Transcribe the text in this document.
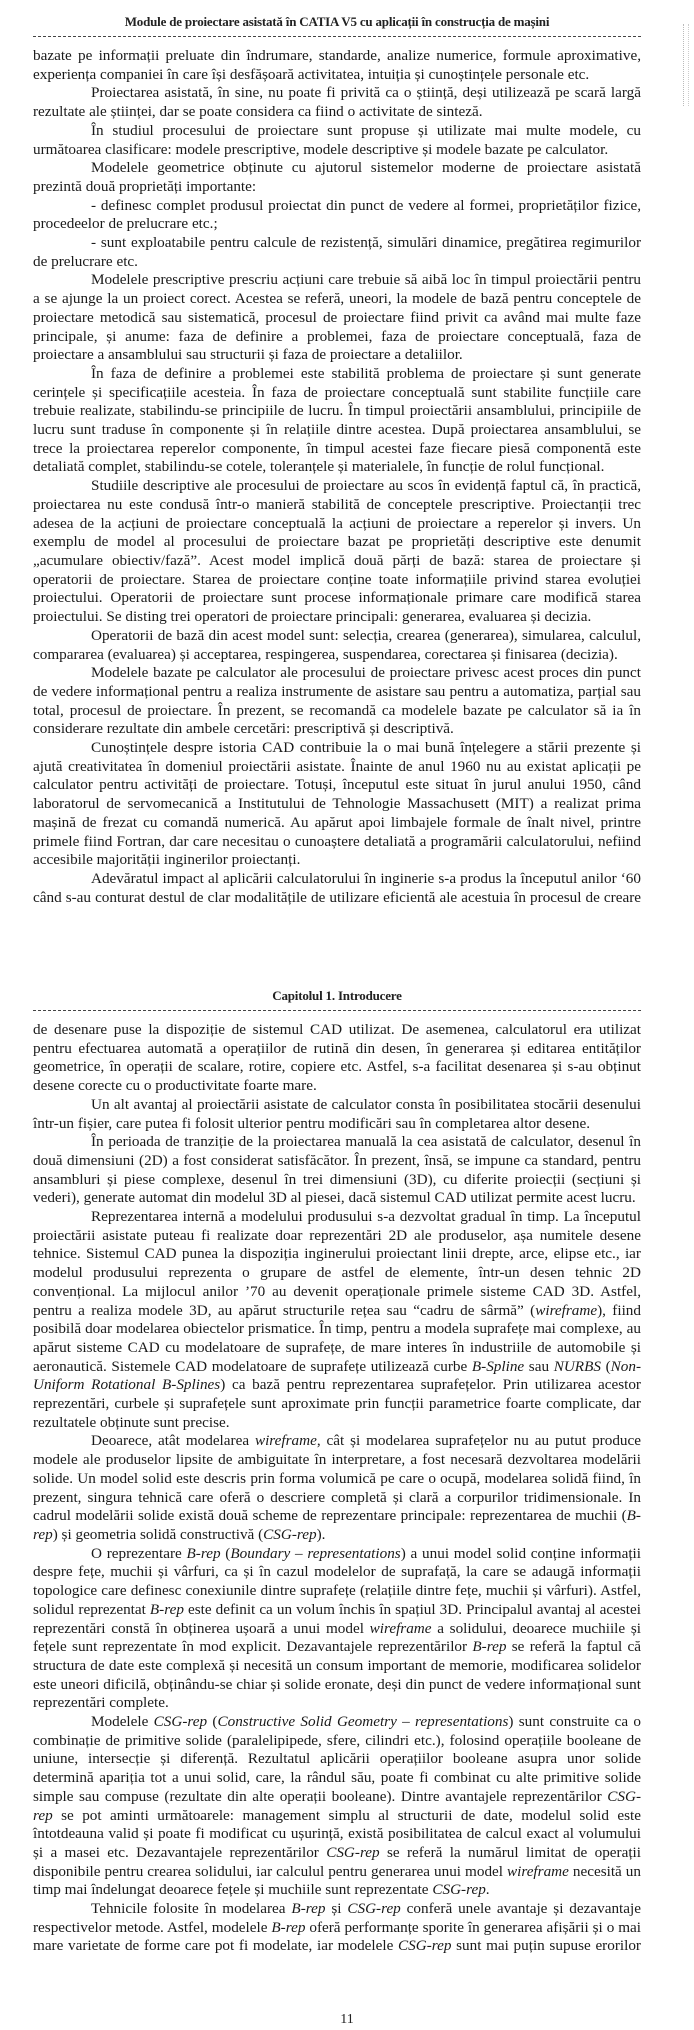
Module de proiectare asistată în CATIA V5 cu aplicații în construcția de mașini

bazate pe informații preluate din îndrumare, standarde, analize numerice, formule aproximative, experiența companiei în care își desfășoară activitatea, intuiția și cunoștințele personale etc.

Proiectarea asistată, în sine, nu poate fi privită ca o știință, deși utilizează pe scară largă rezultate ale științei, dar se poate considera ca fiind o activitate de sinteză.

În studiul procesului de proiectare sunt propuse și utilizate mai multe modele, cu următoarea clasificare: modele prescriptive, modele descriptive și modele bazate pe calculator.

Modelele geometrice obținute cu ajutorul sistemelor moderne de proiectare asistată prezintă două proprietăți importante:

- definesc complet produsul proiectat din punct de vedere al formei, proprietăților fizice, procedeelor de prelucrare etc.;

- sunt exploatabile pentru calcule de rezistență, simulări dinamice, pregătirea regimurilor de prelucrare etc.

Modelele prescriptive prescriu acțiuni care trebuie să aibă loc în timpul proiectării pentru a se ajunge la un proiect corect. Acestea se referă, uneori, la modele de bază pentru conceptele de proiectare metodică sau sistematică, procesul de proiectare fiind privit ca având mai multe faze principale, și anume: faza de definire a problemei, faza de proiectare conceptuală, faza de proiectare a ansamblului sau structurii și faza de proiectare a detaliilor.

În faza de definire a problemei este stabilită problema de proiectare și sunt generate cerințele și specificațiile acesteia. În faza de proiectare conceptuală sunt stabilite funcțiile care trebuie realizate, stabilindu-se principiile de lucru. În timpul proiectării ansamblului, principiile de lucru sunt traduse în componente și în relațiile dintre acestea. După proiectarea ansamblului, se trece la proiectarea reperelor componente, în timpul acestei faze fiecare piesă componentă este detaliată complet, stabilindu-se cotele, toleranțele și materialele, în funcție de rolul funcțional.

Studiile descriptive ale procesului de proiectare au scos în evidență faptul că, în practică, proiectarea nu este condusă într-o manieră stabilită de conceptele prescriptive. Proiectanții trec adesea de la acțiuni de proiectare conceptuală la acțiuni de proiectare a reperelor și invers. Un exemplu de model al procesului de proiectare bazat pe proprietăți descriptive este denumit „acumulare obiectiv/fază”. Acest model implică două părți de bază: starea de proiectare și operatorii de proiectare. Starea de proiectare conține toate informațiile privind starea evoluției proiectului. Operatorii de proiectare sunt procese informaționale primare care modifică starea proiectului. Se disting trei operatori de proiectare principali: generarea, evaluarea și decizia.

Operatorii de bază din acest model sunt: selecția, crearea (generarea), simularea, calculul, compararea (evaluarea) și acceptarea, respingerea, suspendarea, corectarea și finisarea (decizia).

Modelele bazate pe calculator ale procesului de proiectare privesc acest proces din punct de vedere informațional pentru a realiza instrumente de asistare sau pentru a automatiza, parțial sau total, procesul de proiectare. În prezent, se recomandă ca modelele bazate pe calculator să ia în considerare rezultate din ambele cercetări: prescriptivă și descriptivă.

Cunoștințele despre istoria CAD contribuie la o mai bună înțelegere a stării prezente și ajută creativitatea în domeniul proiectării asistate. Înainte de anul 1960 nu au existat aplicații pe calculator pentru activități de proiectare. Totuși, începutul este situat în jurul anului 1950, când laboratorul de servomecanică a Institutului de Tehnologie Massachusett (MIT) a realizat prima mașină de frezat cu comandă numerică. Au apărut apoi limbajele formale de înalt nivel, printre primele fiind Fortran, dar care necesitau o cunoaștere detaliată a programării calculatorului, nefiind accesibile majorității inginerilor proiectanți.

Adevăratul impact al aplicării calculatorului în inginerie s-a produs la începutul anilor ‘60 când s-au conturat destul de clar modalitățile de utilizare eficientă ale acestuia în procesul de creare

Capitolul 1. Introducere

de desenare puse la dispoziție de sistemul CAD utilizat. De asemenea, calculatorul era utilizat pentru efectuarea automată a operațiilor de rutină din desen, în generarea și editarea entităților geometrice, în operații de scalare, rotire, copiere etc. Astfel, s-a facilitat desenarea și s-au obținut desene corecte cu o productivitate foarte mare.

Un alt avantaj al proiectării asistate de calculator consta în posibilitatea stocării desenului într-un fișier, care putea fi folosit ulterior pentru modificări sau în completarea altor desene.

În perioada de tranziție de la proiectarea manuală la cea asistată de calculator, desenul în două dimensiuni (2D) a fost considerat satisfăcător. În prezent, însă, se impune ca standard, pentru ansambluri și piese complexe, desenul în trei dimensiuni (3D), cu diferite proiecții (secțiuni și vederi), generate automat din modelul 3D al piesei, dacă sistemul CAD utilizat permite acest lucru.

Reprezentarea internă a modelului produsului s-a dezvoltat gradual în timp. La începutul proiectării asistate puteau fi realizate doar reprezentări 2D ale produselor, așa numitele desene tehnice. Sistemul CAD punea la dispoziția inginerului proiectant linii drepte, arce, elipse etc., iar modelul produsului reprezenta o grupare de astfel de elemente, într-un desen tehnic 2D convențional. La mijlocul anilor ’70 au devenit operaționale primele sisteme CAD 3D. Astfel, pentru a realiza modele 3D, au apărut structurile rețea sau “cadru de sârmă” (wireframe), fiind posibilă doar modelarea obiectelor prismatice. În timp, pentru a modela suprafețe mai complexe, au apărut sisteme CAD cu modelatoare de suprafețe, de mare interes în industriile de automobile și aeronautică. Sistemele CAD modelatoare de suprafețe utilizează curbe B-Spline sau NURBS (Non-Uniform Rotational B-Splines) ca bază pentru reprezentarea suprafețelor. Prin utilizarea acestor reprezentări, curbele și suprafețele sunt aproximate prin funcții parametrice foarte complicate, dar rezultatele obținute sunt precise.

Deoarece, atât modelarea wireframe, cât și modelarea suprafețelor nu au putut produce modele ale produselor lipsite de ambiguitate în interpretare, a fost necesară dezvoltarea modelării solide. Un model solid este descris prin forma volumică pe care o ocupă, modelarea solidă fiind, în prezent, singura tehnică care oferă o descriere completă și clară a corpurilor tridimensionale. In cadrul modelării solide există două scheme de reprezentare principale: reprezentarea de muchii (B-rep) și geometria solidă constructivă (CSG-rep).

O reprezentare B-rep (Boundary – representations) a unui model solid conține informații despre fețe, muchii și vârfuri, ca și în cazul modelelor de suprafață, la care se adaugă informații topologice care definesc conexiunile dintre suprafețe (relațiile dintre fețe, muchii și vârfuri). Astfel, solidul reprezentat B-rep este definit ca un volum închis în spațiul 3D. Principalul avantaj al acestei reprezentări constă în obținerea ușoară a unui model wireframe a solidului, deoarece muchiile și fețele sunt reprezentate în mod explicit. Dezavantajele reprezentărilor B-rep se referă la faptul că structura de date este complexă și necesită un consum important de memorie, modificarea solidelor este uneori dificilă, obținându-se chiar și solide eronate, deși din punct de vedere informațional sunt reprezentări complete.

Modelele CSG-rep (Constructive Solid Geometry – representations) sunt construite ca o combinație de primitive solide (paralelipipede, sfere, cilindri etc.), folosind operațiile booleane de uniune, intersecție și diferență. Rezultatul aplicării operațiilor booleane asupra unor solide determină apariția tot a unui solid, care, la rândul său, poate fi combinat cu alte primitive solide simple sau compuse (rezultate din alte operații booleane). Dintre avantajele reprezentărilor CSG-rep se pot aminti următoarele: management simplu al structurii de date, modelul solid este întotdeauna valid și poate fi modificat cu ușurință, există posibilitatea de calcul exact al volumului și a masei etc. Dezavantajele reprezentărilor CSG-rep se referă la numărul limitat de operații disponibile pentru crearea solidului, iar calculul pentru generarea unui model wireframe necesită un timp mai îndelungat deoarece fețele și muchiile sunt reprezentate CSG-rep.

Tehnicile folosite în modelarea B-rep și CSG-rep conferă unele avantaje și dezavantaje respectivelor metode. Astfel, modelele B-rep oferă performanțe sporite în generarea afișării și o mai mare varietate de forme care pot fi modelate, iar modelele CSG-rep sunt mai puțin supuse erorilor

11
